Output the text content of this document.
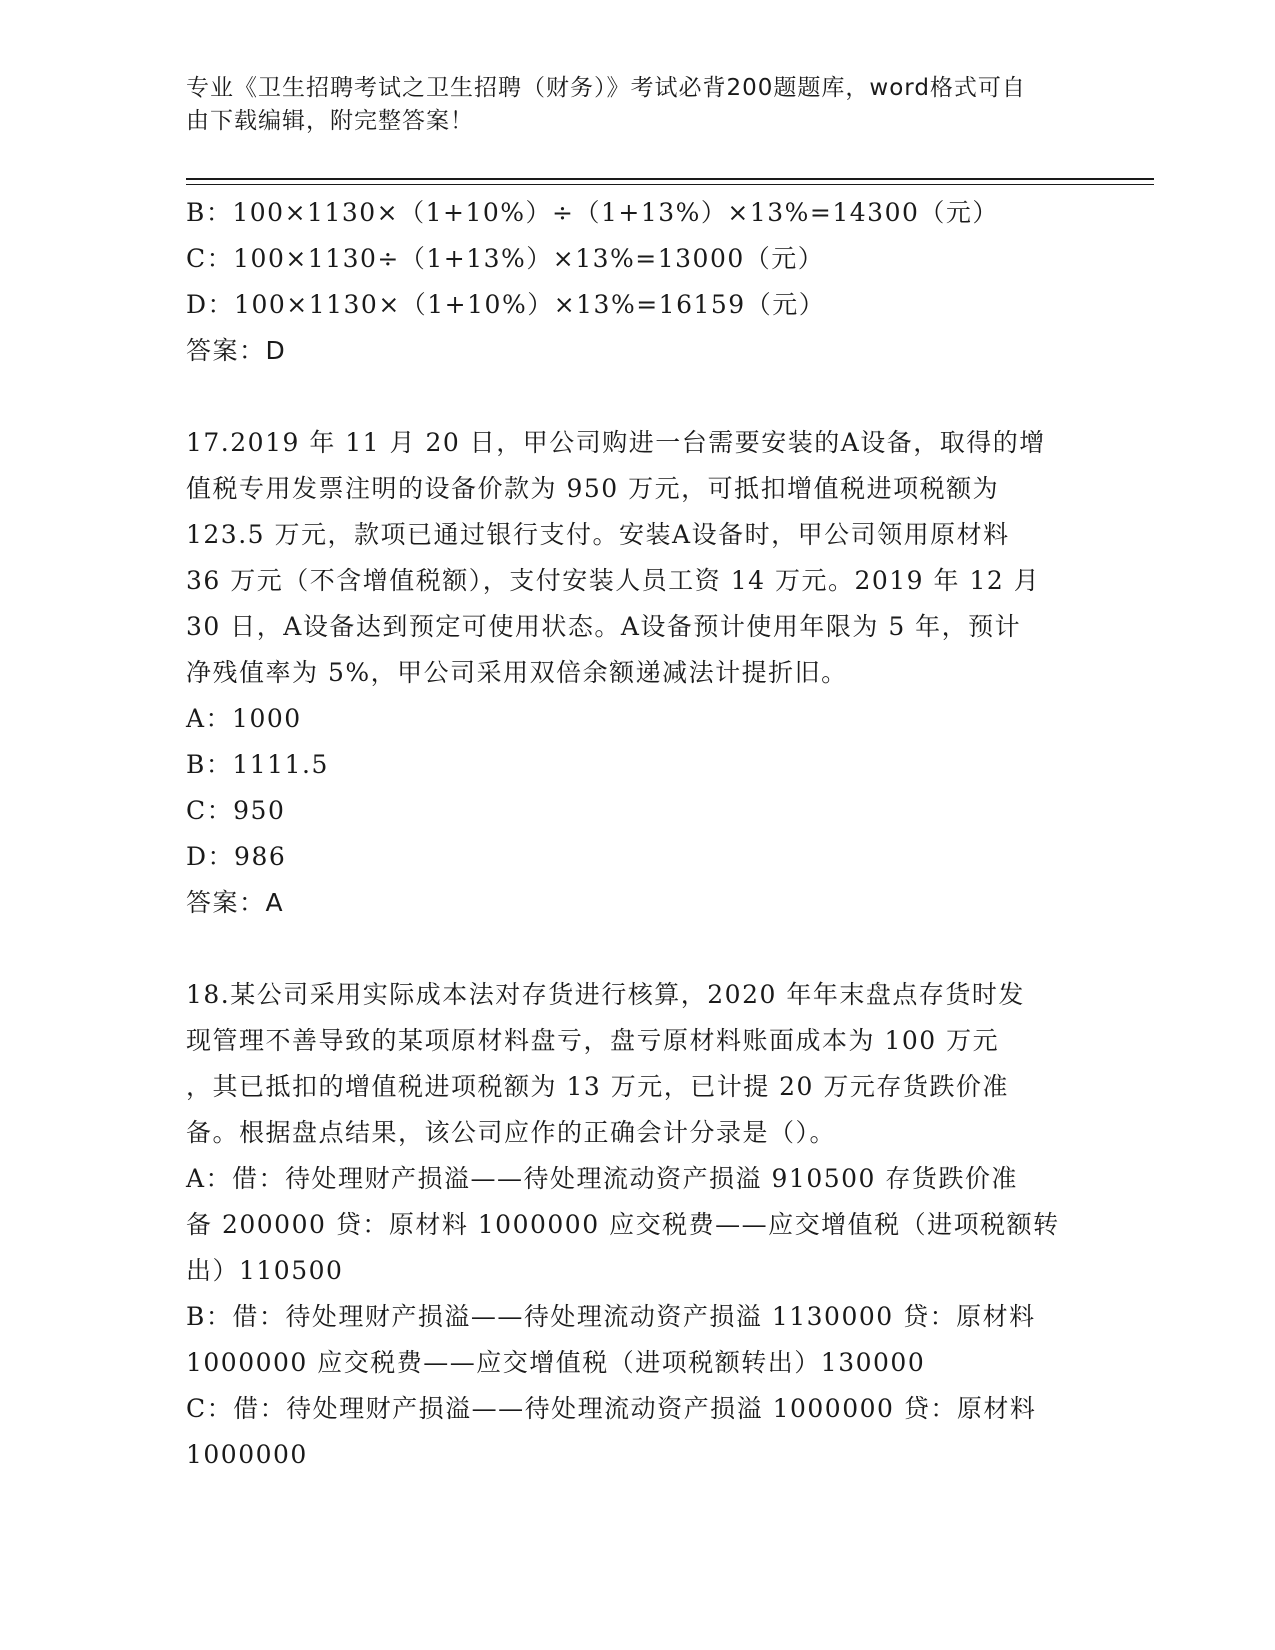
专业《卫生招聘考试之卫生招聘（财务）》考试必背200题题库，word格式可自
由下载编辑，附完整答案！

B：100×1130×（1+10%）÷（1+13%）×13%=14300（元）

C：100×1130÷（1+13%）×13%=13000（元）

D：100×1130×（1+10%）×13%=16159（元）

答案：D

17.2019 年 11 月 20 日，甲公司购进一台需要安装的A设备，取得的增

值税专用发票注明的设备价款为 950 万元，可抵扣增值税进项税额为

123.5 万元，款项已通过银行支付。安装A设备时，甲公司领用原材料

36 万元（不含增值税额），支付安装人员工资 14 万元。2019 年 12 月

30 日，A设备达到预定可使用状态。A设备预计使用年限为 5 年，预计

净残值率为 5%，甲公司采用双倍余额递减法计提折旧。

A：1000

B：1111.5

C：950

D：986

答案：A

18.某公司采用实际成本法对存货进行核算，2020 年年末盘点存货时发

现管理不善导致的某项原材料盘亏，盘亏原材料账面成本为 100 万元

，其已抵扣的增值税进项税额为 13 万元，已计提 20 万元存货跌价准

备。根据盘点结果，该公司应作的正确会计分录是（）。

A：借：待处理财产损溢——待处理流动资产损溢 910500 存货跌价准

备 200000 贷：原材料 1000000 应交税费——应交增值税（进项税额转

出）110500

B：借：待处理财产损溢——待处理流动资产损溢 1130000 贷：原材料

1000000 应交税费——应交增值税（进项税额转出）130000

C：借：待处理财产损溢——待处理流动资产损溢 1000000 贷：原材料

1000000
